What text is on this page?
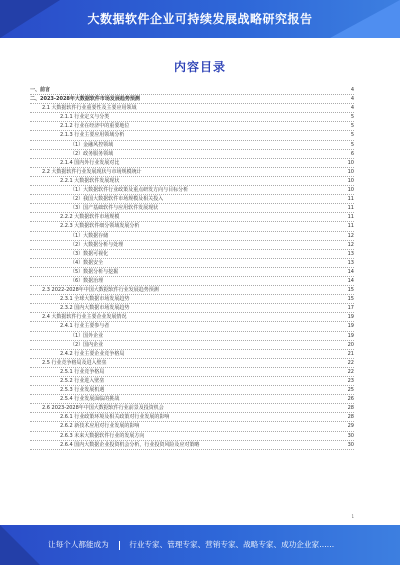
大数据软件企业可持续发展战略研究报告
内容目录
一、前言	4
二、2023-2028年大数据软件市场发展趋势预测	4
2.1 大数据软件行业重要性及主要应用领域	4
2.1.1 行业定义与分类	5
2.1.2 行业在经济中的重要地位	5
2.1.3 行业主要应用领域分析	5
（1）金融风控领域	5
（2）政务服务领域	6
2.1.4 国内外行业发展对比	10
2.2 大数据软件行业发展现状与市场规模统计	10
2.2.1 大数据软件发展现状	10
（1）大数据软件行业政策及重点研发方向与目标分析	10
（2）我国大数据软件市场规模及相关投入	11
（3）国产基础软件与应用软件发展现状	11
2.2.2 大数据软件市场规模	11
2.2.3 大数据软件细分领域发展分析	11
（1）大数据存储	12
（2）大数据分析与处理	12
（3）数据可视化	13
（4）数据安全	13
（5）数据分析与挖掘	14
（6）数据治理	14
2.3 2022-2028年中国大数据软件行业发展趋势预测	15
2.3.1 全球大数据市场发展趋势	15
2.3.2 国内大数据市场发展趋势	17
2.4 大数据软件行业主要企业发展情况	19
2.4.1 行业主要参与者	19
（1）国外企业	19
（2）国内企业	20
2.4.2 行业主要企业竞争格局	21
2.5 行业竞争格局及进入壁垒	22
2.5.1 行业竞争格局	22
2.5.2 行业进入壁垒	23
2.5.3 行业发展机遇	25
2.5.4 行业发展面临的挑战	26
2.6 2023-2028年中国大数据软件行业前景及投资机会	28
2.6.1 行业政策环境及相关政策对行业发展的影响	28
2.6.2 新技术应用对行业发展的影响	29
2.6.3 未来大数据软件行业的发展方向	30
2.6.4 国内大数据企业投资机会分析，行业投资风险及应对策略	30
1
让每个人都能成为	行业专家、管理专家、营销专家、战略专家、成功企业家……
